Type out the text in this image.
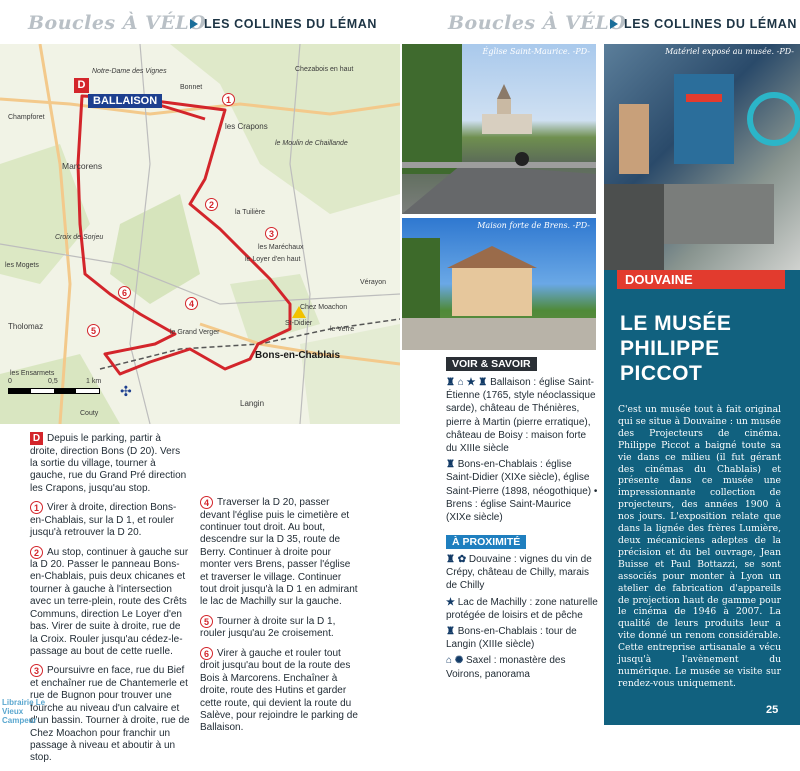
Boucles À VÉLO
LES COLLINES DU LÉMAN	Boucles À VÉLO
LES COLLINES DU LÉMAN
D
BALLAISON	1
2
3
4
5
6
les Crapons
Marcorens
Croix de Sorjeu
Tholomaz
Couty
Langin
Vérayon
Chez Moachon
St-Didier
le Verre
Notre-Dame des Vignes
Champforet
les Mogets
Chezabois en haut
le Moulin de Chaillande
la Tuilière
les Maréchaux
le Loyer d'en haut
le Grand Verger
Bonnet
les Ensarmets
Bons-en-Chablais
0	0,5	1 km
✣
D Depuis le parking, partir à droite, direction Bons (D 20). Vers la sortie du village, tourner à gauche, rue du Grand Pré direction les Crapons, jusqu'au stop.
1 Virer à droite, direction Bons-en-Chablais, sur la D 1, et rouler jusqu'à retrouver la D 20.
2 Au stop, continuer à gauche sur la D 20. Passer le panneau Bons-en-Chablais, puis deux chicanes et tourner à gauche à l'intersection avec un terre-plein, route des Crêts Communs, direction Le Loyer d'en bas. Virer de suite à droite, rue de la Croix. Rouler jusqu'au cédez-le-passage au bout de cette rueIle.
3 Poursuivre en face, rue du Bief et enchaîner rue de Chantemerle et rue de Bugnon pour trouver une fourche au niveau d'un calvaire et d'un bassin. Tourner à droite, rue de Chez Moachon pour franchir un passage à niveau et aboutir à un stop.
4 Traverser la D 20, passer devant l'église puis le cimetière et continuer tout droit. Au bout, descendre sur la D 35, route de Berry. Continuer à droite pour monter vers Brens, passer l'église et traverser le village. Continuer tout droit jusqu'à la D 1 en admirant le lac de Machilly sur la gauche.
5 Tourner à droite sur la D 1, rouler jusqu'au 2e croisement.
6 Virer à gauche et rouler tout droit jusqu'au bout de la route des Bois à Marcorens. Enchaîner à droite, route des Hutins et garder cette route, qui devient la route du Salève, pour rejoindre le parking de Ballaison.
Librairie Le Vieux Campeur
Église Saint-Maurice. -PD-
Maison forte de Brens. -PD-
Matériel exposé au musée. -PD-
VOIR & SAVOIR
♜ ⌂ ★ ♜ Ballaison : église Saint-Étienne (1765, style néoclassique sarde), château de Thénières, pierre à Martin (pierre erratique), château de Boisy : maison forte du XIIIe siècle
♜ Bons-en-Chablais : église Saint-Didier (XIXe siècle), église Saint-Pierre (1898, néogothique) • Brens : église Saint-Maurice (XIXe siècle)
À PROXIMITÉ
♜ ✿ Douvaine : vignes du vin de Crépy, château de Chilly, marais de Chilly
★ Lac de Machilly : zone naturelle protégée de loisirs et de pêche
♜ Bons-en-Chablais : tour de Langin (XIIIe siècle)
⌂ ✺ Saxel : monastère des Voirons, panorama
DOUVAINE
LE MUSÉE
PHILIPPE
PICCOT
C'est un musée tout à fait original qui se situe à Douvaine : un musée des Projecteurs de cinéma. Philippe Piccot a baigné toute sa vie dans ce milieu (il fut gérant des cinémas du Chablais) et présente dans ce musée une impressionnante collection de projecteurs, des années 1900 à nos jours. L'exposition relate que dans la lignée des frères Lumière, deux mécaniciens adeptes de la précision et du bel ouvrage, Jean Buisse et Paul Bottazzi, se sont associés pour monter à Lyon un atelier de fabrication d'appareils de projection haut de gamme pour le cinéma de 1946 à 2007. La qualité de leurs produits leur a vite donné un renom considérable. Cette entreprise artisanale a vécu jusqu'à l'avènement du numérique. Le musée se visite sur rendez-vous uniquement.
25
